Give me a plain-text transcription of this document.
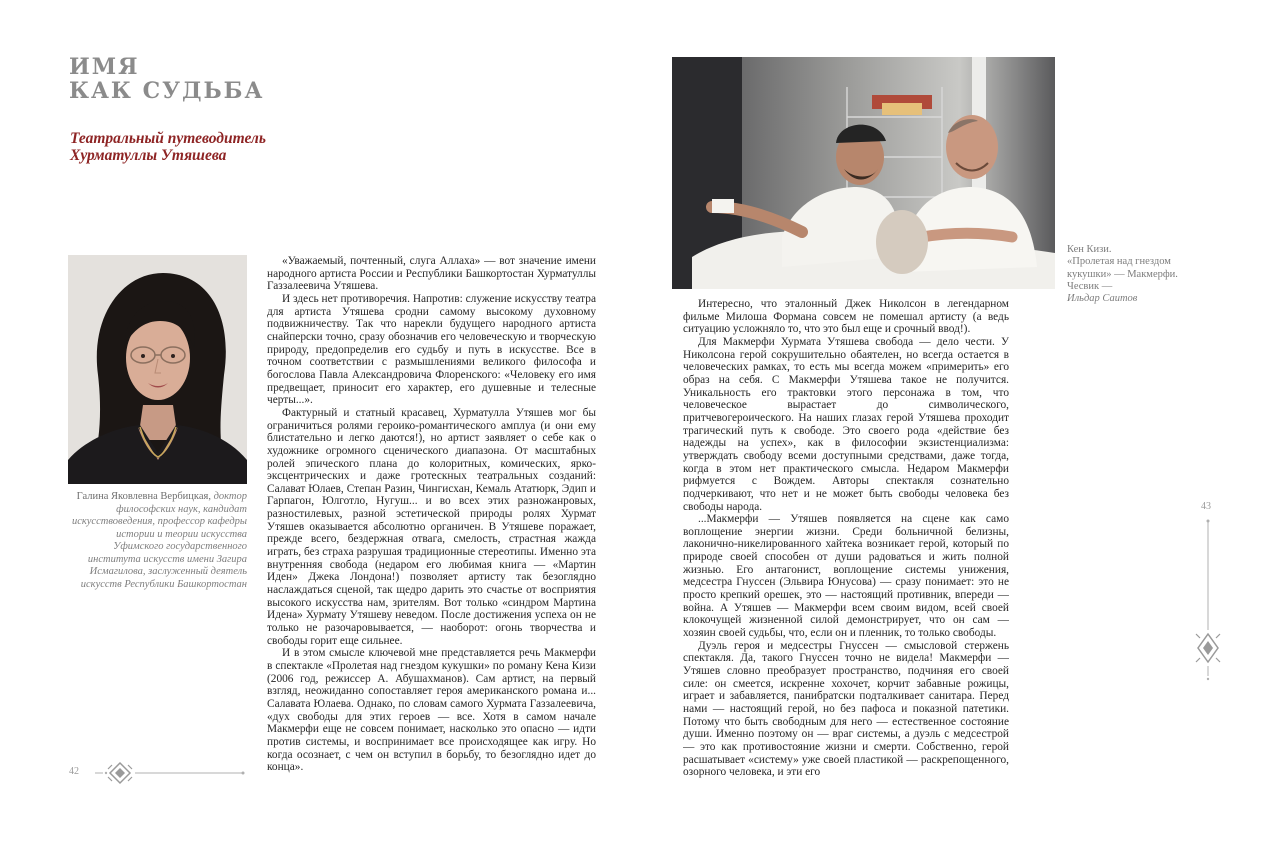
ИМЯ
КАК СУДЬБА
Театральный путеводитель
Хурматуллы Утяшева

Галина Яковлевна Вербицкая, доктор философских наук, кандидат искусствоведения, профессор кафедры истории и теории искусства Уфимского государственного института искусств имени Загира Исмагилова, заслуженный деятель искусств Республики Башкортостан

«Уважаемый, почтенный, слуга Аллаха» — вот значение имени народного артиста России и Республики Башкортостан Хурматуллы Газзалеевича Утяшева.

И здесь нет противоречия. Напротив: служение искусству театра для артиста Утяшева сродни самому высокому духовному подвижничеству. Так что нарекли будущего народного артиста снайперски точно, сразу обозначив его человеческую и творческую природу, предопределив его судьбу и путь в искусстве. Все в точном соответствии с размышлениями великого философа и богослова Павла Александровича Флоренского: «Человеку его имя предвещает, приносит его характер, его душевные и телесные черты...».

Фактурный и статный красавец, Хурматулла Утяшев мог бы ограничиться ролями героико-романтического амплуа (и они ему блистательно и легко даются!), но артист заявляет о себе как о художнике огромного сценического диапазона. От масштабных ролей эпического плана до колоритных, комических, ярко-эксцентрических и даже гротескных театральных созданий: Салават Юлаев, Степан Разин, Чингисхан, Кемаль Ататюрк, Эдип и Гарпагон, Юлготло, Нугуш... и во всех этих разножанровых, разностилевых, разной эстетической природы ролях Хурмат Утяшев оказывается абсолютно органичен. В Утяшеве поражает, прежде всего, бездержная отвага, смелость, страстная жажда играть, без страха разрушая традиционные стереотипы. Именно эта внутренняя свобода (недаром его любимая книга — «Мартин Иден» Джека Лондона!) позволяет артисту так безоглядно наслаждаться сценой, так щедро дарить это счастье от восприятия высокого искусства нам, зрителям. Вот только «синдром Мартина Идена» Хурмату Утяшеву неведом. После достижения успеха он не только не разочаровывается, — наоборот: огонь творчества и свободы горит еще сильнее.

И в этом смысле ключевой мне представляется речь Макмерфи в спектакле «Пролетая над гнездом кукушки» по роману Кена Кизи (2006 год, режиссер А. Абушахманов). Сам артист, на первый взгляд, неожиданно сопоставляет героя американского романа и... Салавата Юлаева. Однако, по словам самого Хурмата Газзалеевича, «дух свободы для этих героев — все. Хотя в самом начале Макмерфи еще не совсем понимает, насколько это опасно — идти против системы, и воспринимает все происходящее как игру. Но когда осознает, с чем он вступил в борьбу, то безоглядно идет до конца».

42

Кен Кизи.
«Пролетая над гнездом
кукушки» — Макмерфи.
Чесвик —
Ильдар Саитов

Интересно, что эталонный Джек Николсон в легендарном фильме Милоша Формана совсем не помешал артисту (а ведь ситуацию усложняло то, что это был еще и срочный ввод!).

Для Макмерфи Хурмата Утяшева свобода — дело чести. У Николсона герой сокрушительно обаятелен, но всегда остается в человеческих рамках, то есть мы всегда можем «примерить» его образ на себя. С Макмерфи Утяшева такое не получится. Уникальность его трактовки этого персонажа в том, что человеческое вырастает до символического, притчевогероического. На наших глазах герой Утяшева проходит трагический путь к свободе. Это своего рода «действие без надежды на успех», как в философии экзистенциализма: утверждать свободу всеми доступными средствами, даже тогда, когда в этом нет практического смысла. Недаром Макмерфи рифмуется с Вождем. Авторы спектакля сознательно подчеркивают, что нет и не может быть свободы человека без свободы народа.

...Макмерфи — Утяшев появляется на сцене как само воплощение энергии жизни. Среди больничной белизны, лаконично-никелированного хайтека возникает герой, который по природе своей способен от души радоваться и жить полной жизнью. Его антагонист, воплощение системы унижения, медсестра Гнуссен (Эльвира Юнусова) — сразу понимает: это не просто крепкий орешек, это — настоящий противник, впереди — война. А Утяшев — Макмерфи всем своим видом, всей своей клокочущей жизненной силой демонстрирует, что он сам — хозяин своей судьбы, что, если он и пленник, то только свободы.

Дуэль героя и медсестры Гнуссен — смысловой стержень спектакля. Да, такого Гнуссен точно не видела! Макмерфи — Утяшев словно преобразует пространство, подчиняя его своей силе: он смеется, искренне хохочет, корчит забавные рожицы, играет и забавляется, панибратски подталкивает санитара. Перед нами — настоящий герой, но без пафоса и показной патетики. Потому что быть свободным для него — естественное состояние души. Именно поэтому он — враг системы, а дуэль с медсестрой — это как противостояние жизни и смерти. Собственно, герой расшатывает «систему» уже своей пластикой — раскрепощенного, озорного человека, и эти его

43
